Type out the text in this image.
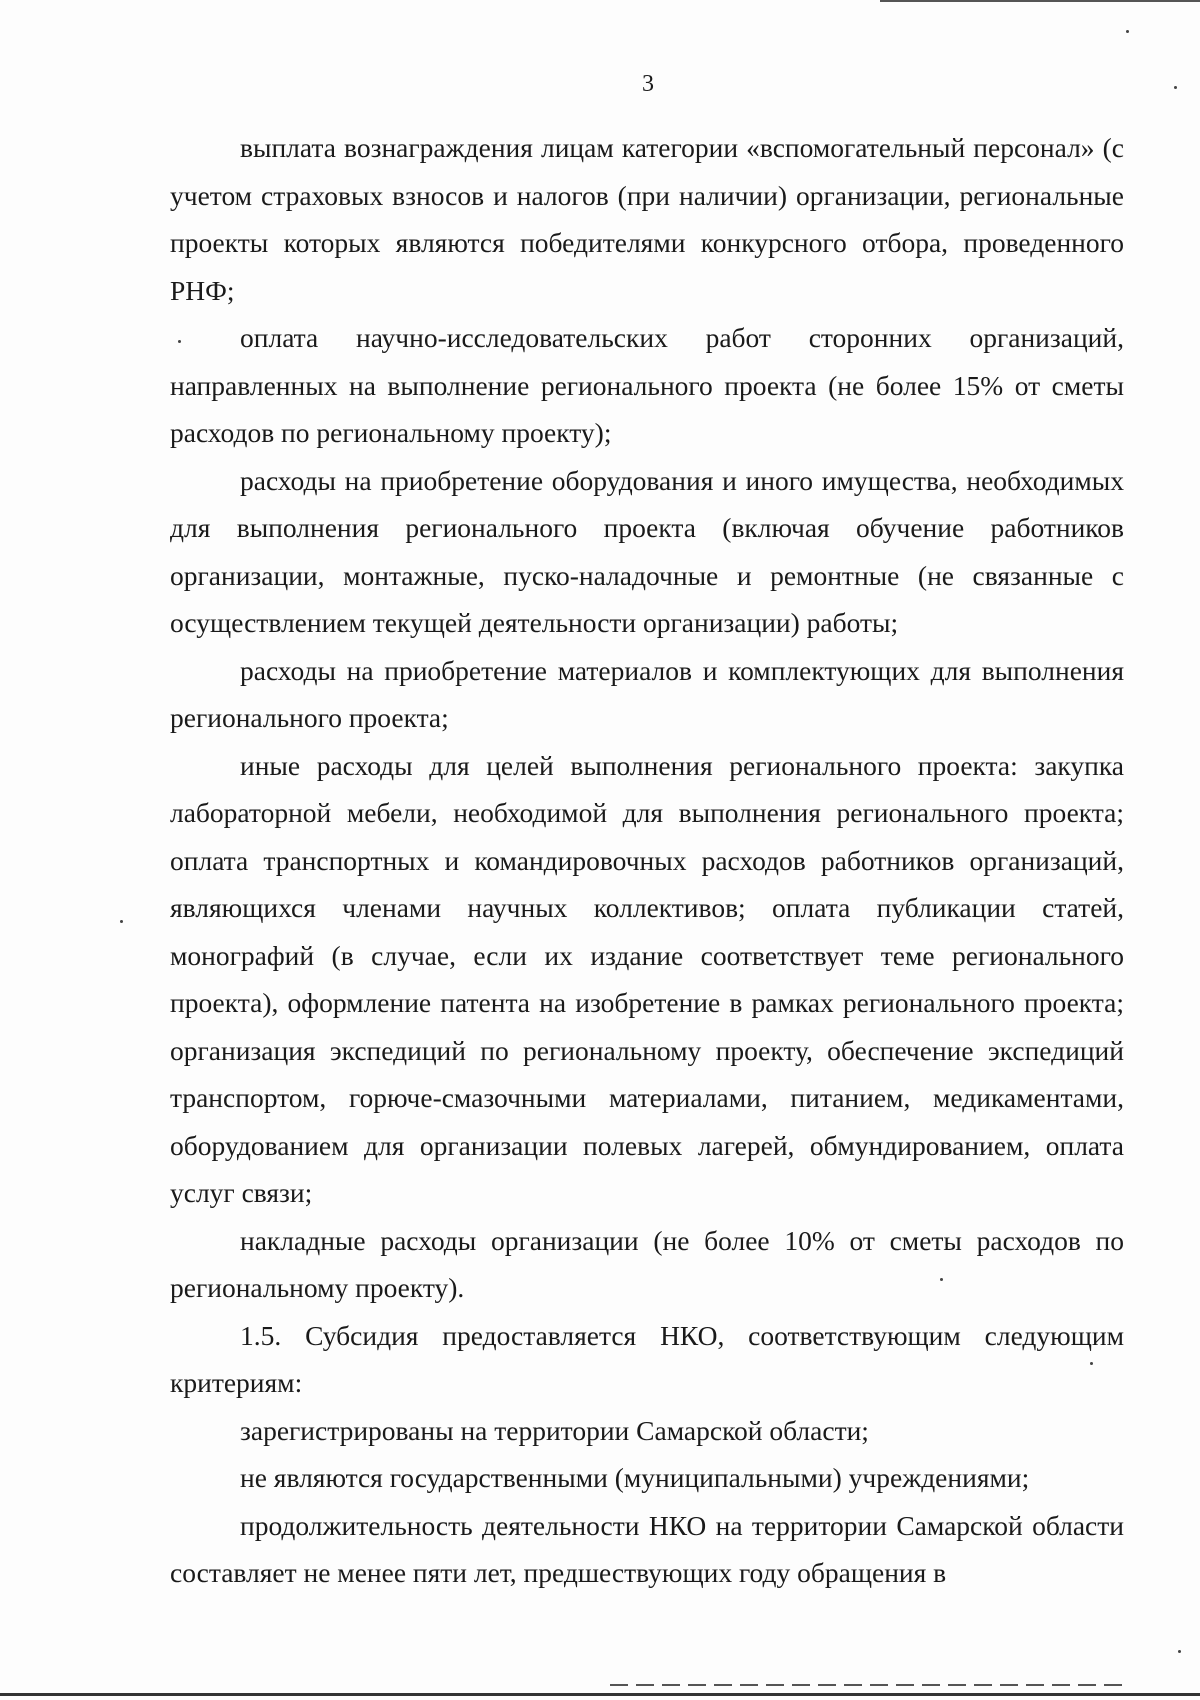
3

выплата вознаграждения лицам категории «вспомогательный персонал» (с учетом страховых взносов и налогов (при наличии) организации, региональные проекты которых являются победителями конкурсного отбора, проведенного РНФ;

оплата научно-исследовательских работ сторонних организаций, направленных на выполнение регионального проекта (не более 15% от сметы расходов по региональному проекту);

расходы на приобретение оборудования и иного имущества, необходимых для выполнения регионального проекта (включая обучение работников организации, монтажные, пуско-наладочные и ремонтные (не связанные с осуществлением текущей деятельности организации) работы;

расходы на приобретение материалов и комплектующих для выполнения регионального проекта;

иные расходы для целей выполнения регионального проекта: закупка лабораторной мебели, необходимой для выполнения регионального проекта; оплата транспортных и командировочных расходов работников организаций, являющихся членами научных коллективов; оплата публикации статей, монографий (в случае, если их издание соответствует теме регионального проекта), оформление патента на изобретение в рамках регионального проекта; организация экспедиций по региональному проекту, обеспечение экспедиций транспортом, горюче-смазочными материалами, питанием, медикаментами, оборудованием для организации полевых лагерей, обмундированием, оплата услуг связи;

накладные расходы организации (не более 10% от сметы расходов по региональному проекту).

1.5. Субсидия предоставляется НКО, соответствующим следующим критериям:

зарегистрированы на территории Самарской области;

не являются государственными (муниципальными) учреждениями;

продолжительность деятельности НКО на территории Самарской области составляет не менее пяти лет, предшествующих году обращения в
